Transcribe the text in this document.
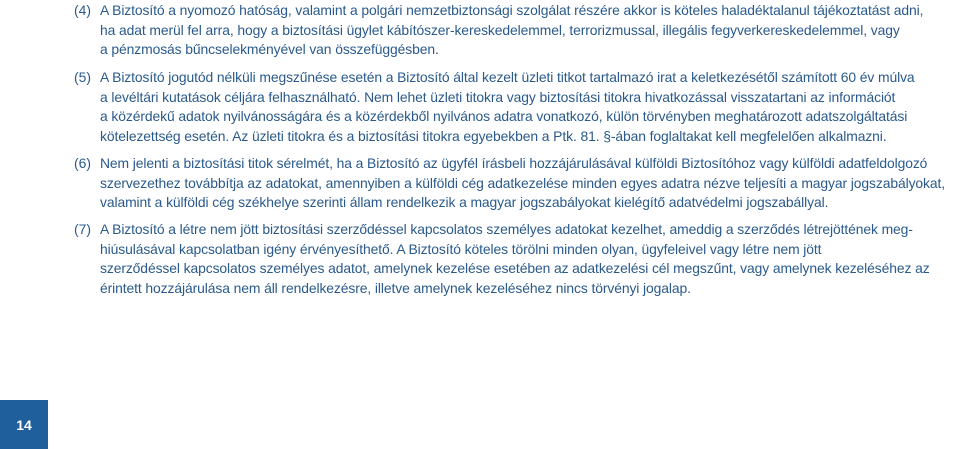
(4) A Biztosító a nyomozó hatóság, valamint a polgári nemzetbiztonsági szolgálat részére akkor is köteles haladéktalanul tájékoztatást adni,
ha adat merül fel arra, hogy a biztosítási ügylet kábítószer-kereskedelemmel, terrorizmussal, illegális fegyverkereskedelemmel, vagy
a pénzmosás bűncselekményével van összefüggésben.
(5) A Biztosító jogutód nélküli megszűnése esetén a Biztosító által kezelt üzleti titkot tartalmazó irat a keletkezésétől számított 60 év múlva
a levéltári kutatások céljára felhasználható. Nem lehet üzleti titokra vagy biztosítási titokra hivatkozással visszatartani az információt
a közérdekű adatok nyilvánosságára és a közérdekből nyilvános adatra vonatkozó, külön törvényben meghatározott adatszolgáltatási
kötelezettség esetén. Az üzleti titokra és a biztosítási titokra egyebekben a Ptk. 81. §-ában foglaltakat kell megfelelően alkalmazni.
(6) Nem jelenti a biztosítási titok sérelmét, ha a Biztosító az ügyfél írásbeli hozzájárulásával külföldi Biztosítóhoz vagy külföldi adatfeldolgozó
szervezethez továbbítja az adatokat, amennyiben a külföldi cég adatkezelése minden egyes adatra nézve teljesíti a magyar jogszabályokat,
valamint a külföldi cég székhelye szerinti állam rendelkezik a magyar jogszabályokat kielégítő adatvédelmi jogszabállyal.
(7) A Biztosító a létre nem jött biztosítási szerződéssel kapcsolatos személyes adatokat kezelhet, ameddig a szerződés létrejöttének meg-
hiúsulásával kapcsolatban igény érvényesíthető. A Biztosító köteles törölni minden olyan, ügyfeleivel vagy létre nem jött
szerződéssel kapcsolatos személyes adatot, amelynek kezelése esetében az adatkezelési cél megszűnt, vagy amelynek kezeléséhez az
érintett hozzájárulása nem áll rendelkezésre, illetve amelynek kezeléséhez nincs törvényi jogalap.
14
